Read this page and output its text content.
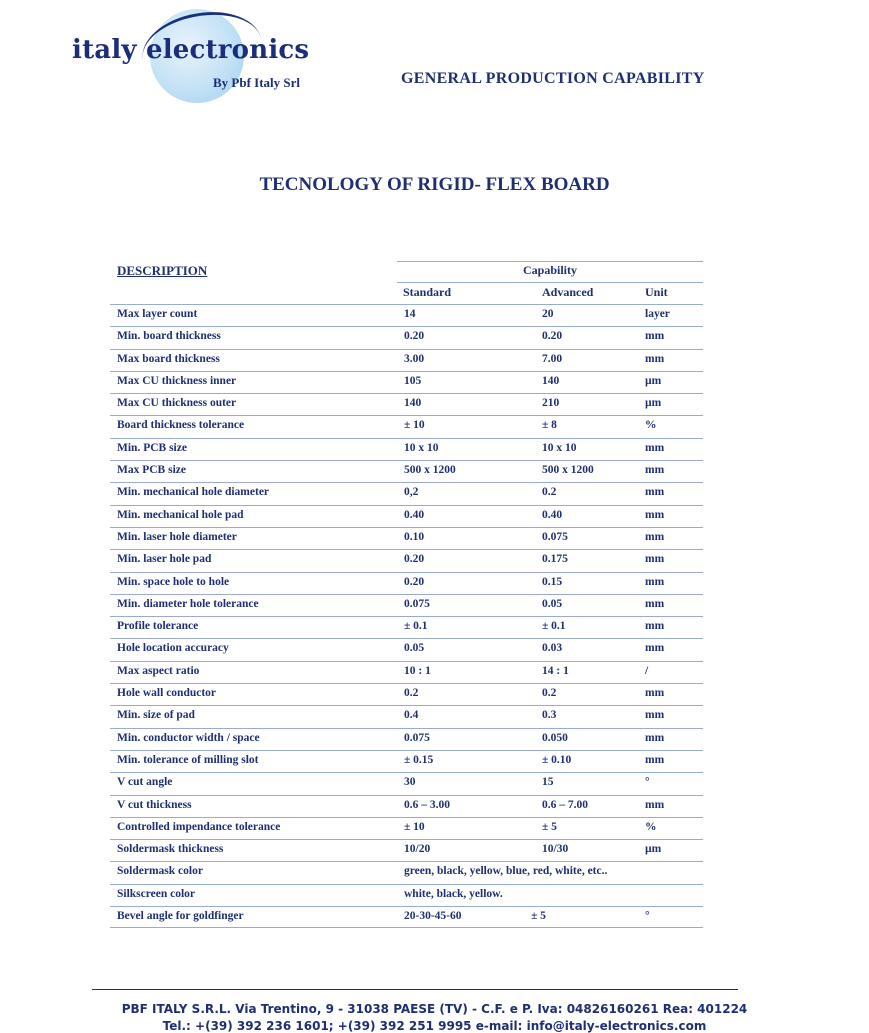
italy electronics
By Pbf Italy Srl	GENERAL PRODUCTION CAPABILITY
TECNOLOGY OF RIGID- FLEX BOARD
DESCRIPTION	Capability
Standard	Advanced	Unit
Max layer count	14	20	layer
Min. board thickness	0.20	0.20	mm
Max board thickness	3.00	7.00	mm
Max CU thickness inner	105	140	µm
Max CU thickness outer	140	210	µm
Board thickness tolerance	± 10	± 8	%
Min. PCB size	10 x 10	10 x 10	mm
Max PCB size	500 x 1200	500 x 1200	mm
Min. mechanical hole diameter	0,2	0.2	mm
Min. mechanical hole pad	0.40	0.40	mm
Min. laser hole diameter	0.10	0.075	mm
Min. laser hole pad	0.20	0.175	mm
Min. space hole to hole	0.20	0.15	mm
Min. diameter hole tolerance	0.075	0.05	mm
Profile tolerance	± 0.1	± 0.1	mm
Hole location accuracy	0.05	0.03	mm
Max aspect ratio	10 : 1	14 : 1	/
Hole wall conductor	0.2	0.2	mm
Min. size of pad	0.4	0.3	mm
Min. conductor width / space	0.075	0.050	mm
Min. tolerance of milling slot	± 0.15	± 0.10	mm
V cut angle	30	15	°
V cut thickness	0.6 – 3.00	0.6 – 7.00	mm
Controlled impendance tolerance	± 10	± 5	%
Soldermask thickness	10/20	10/30	µm
Soldermask color	green, black, yellow, blue, red, white, etc..
Silkscreen color	white, black, yellow.
Bevel angle for goldfinger	20-30-45-60	± 5	°
PBF ITALY S.R.L. Via Trentino, 9 - 31038 PAESE (TV) - C.F. e P. Iva: 04826160261 Rea: 401224
Tel.: +(39) 392 236 1601; +(39) 392 251 9995 e-mail: info@italy-electronics.com
